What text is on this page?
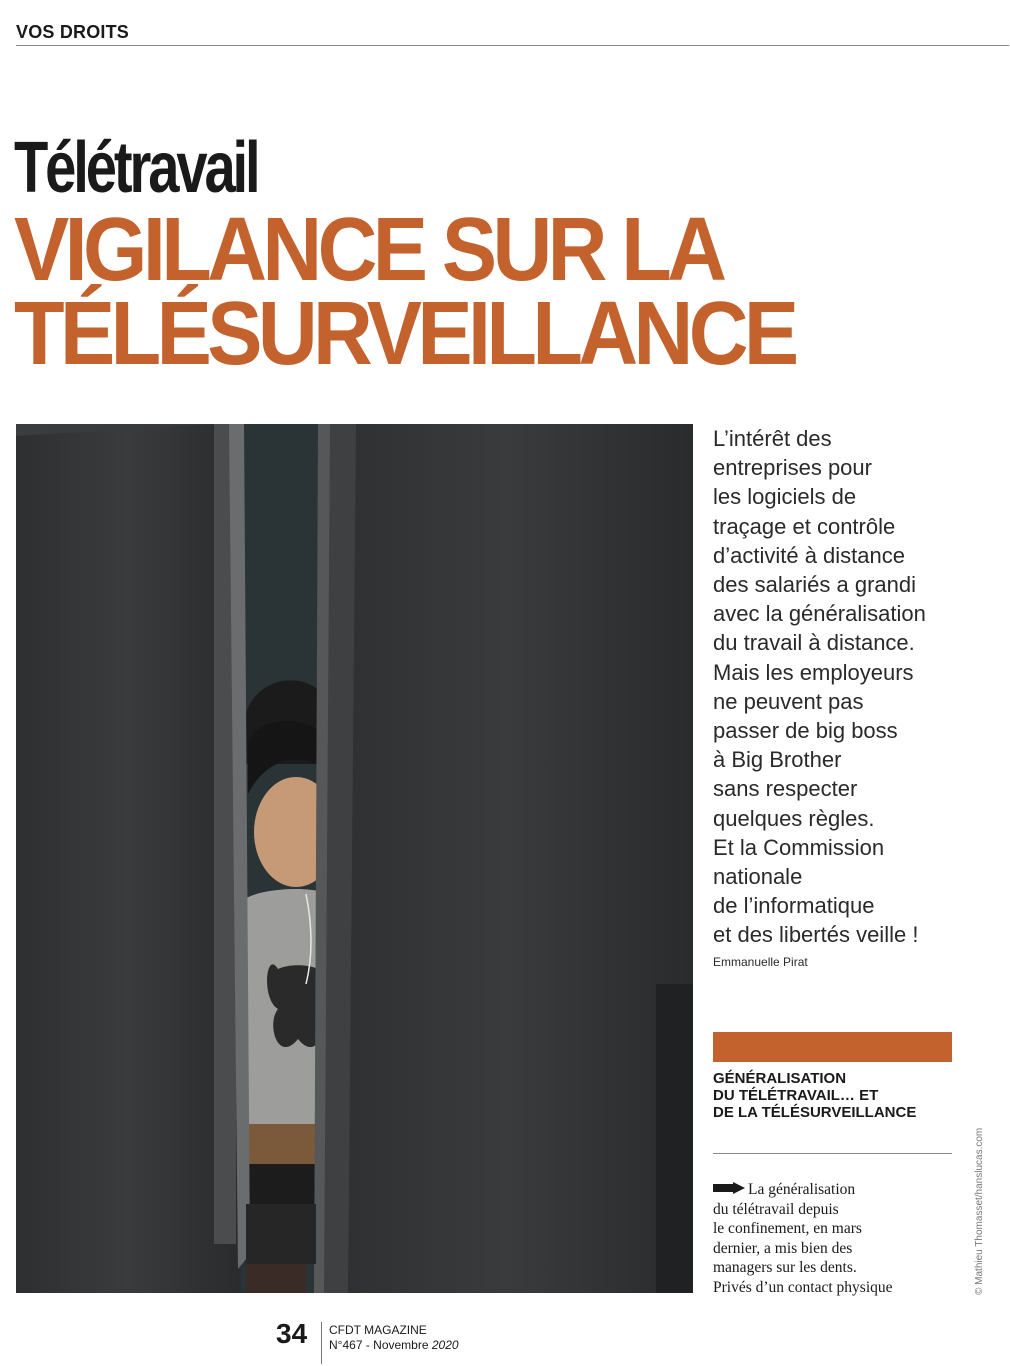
VOS DROITS
Télétravail
VIGILANCE SUR LA
TÉLÉSURVEILLANCE
L’intérêt des
entreprises pour
les logiciels de
traçage et contrôle
d’activité à distance
des salariés a grandi
avec la généralisation
du travail à distance.
Mais les employeurs
ne peuvent pas
passer de big boss
à Big Brother
sans respecter
quelques règles.
Et la Commission
nationale
de l’informatique
et des libertés veille !
Emmanuelle Pirat
GÉNÉRALISATION
DU TÉLÉTRAVAIL… ET
DE LA TÉLÉSURVEILLANCE
La généralisation
du télétravail depuis
le confinement, en mars
dernier, a mis bien des
managers sur les dents.
Privés d’un contact physique	© Mathieu Thomasset/hanslucas.com
34 CFDT MAGAZINE
N°467 - Novembre 2020
